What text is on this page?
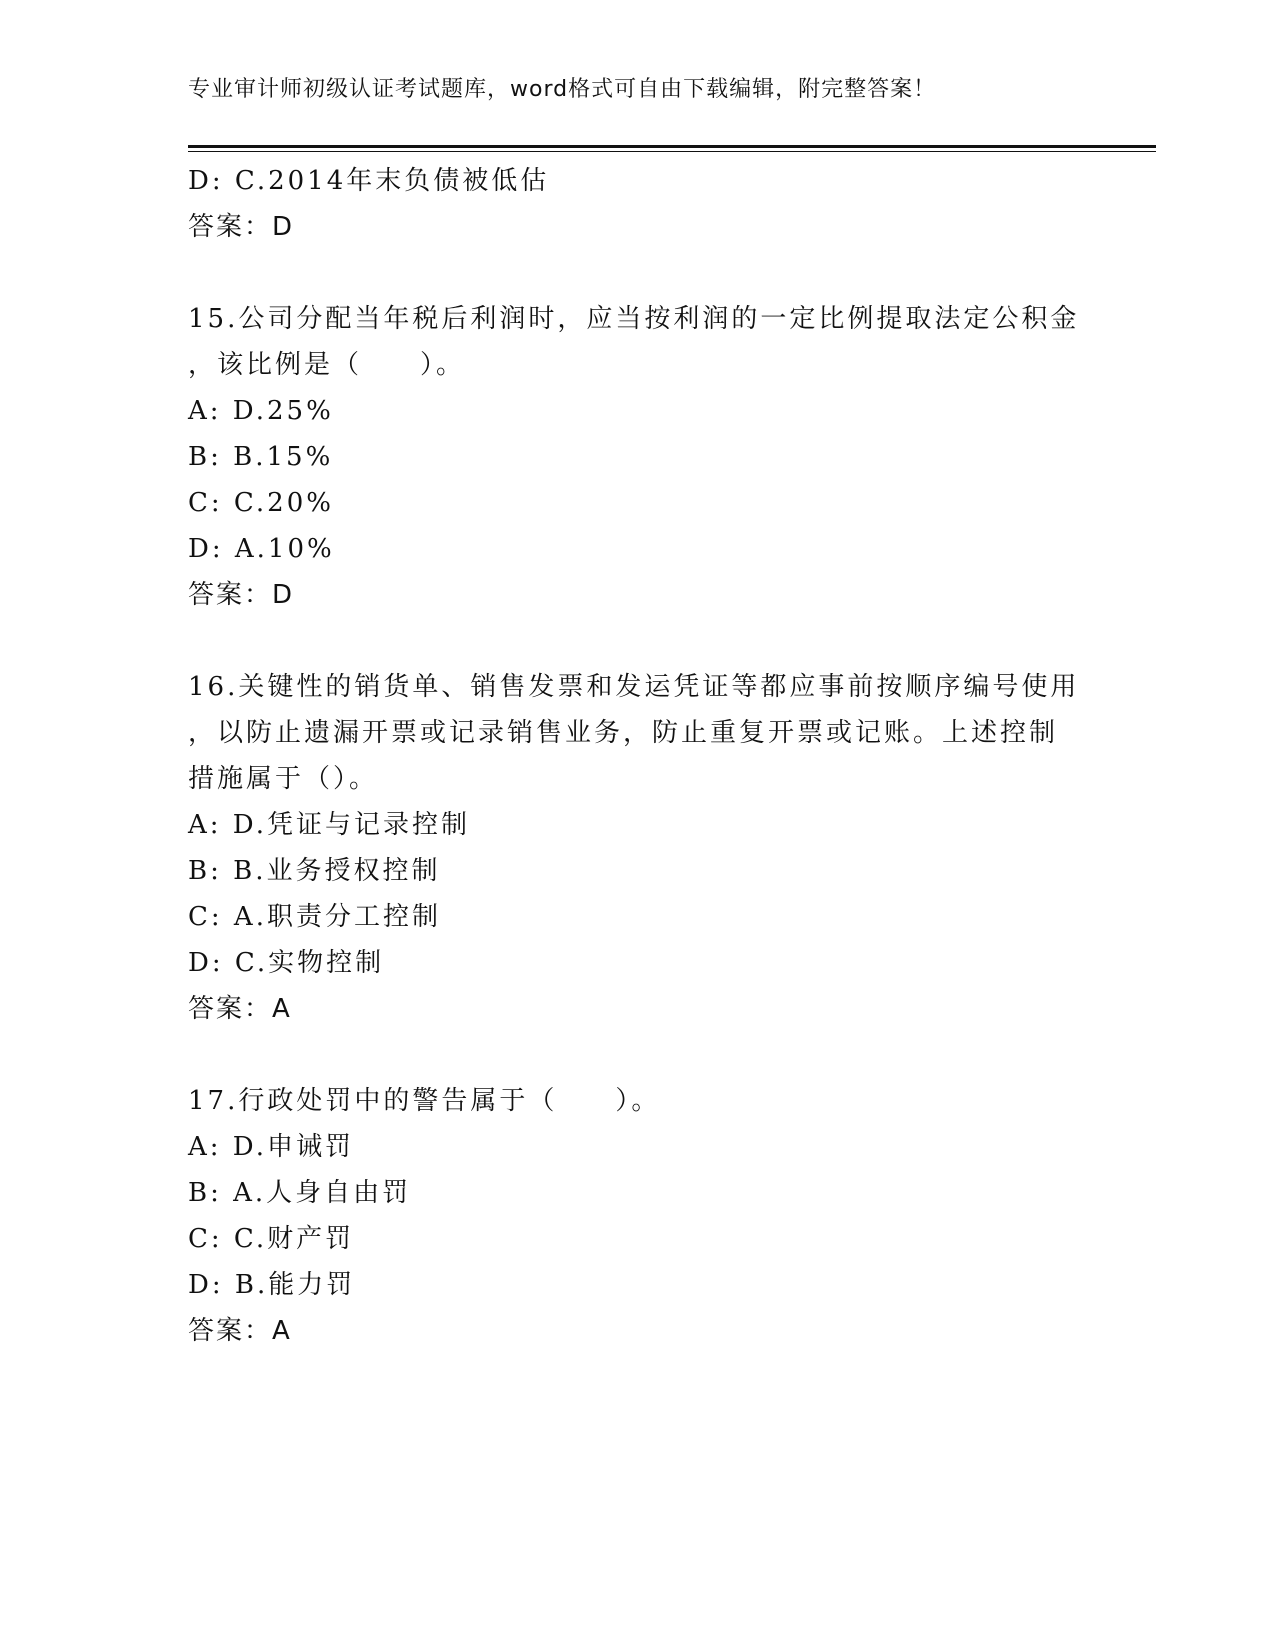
专业审计师初级认证考试题库，word格式可自由下载编辑，附完整答案！
D: C.2014年末负债被低估
答案：D
15.公司分配当年税后利润时，应当按利润的一定比例提取法定公积金
，该比例是（　　）。
A: D.25%
B: B.15%
C: C.20%
D: A.10%
答案：D
16.关键性的销货单、销售发票和发运凭证等都应事前按顺序编号使用
，以防止遗漏开票或记录销售业务，防止重复开票或记账。上述控制
措施属于（）。
A: D.凭证与记录控制
B: B.业务授权控制
C: A.职责分工控制
D: C.实物控制
答案：A
17.行政处罚中的警告属于（　　）。
A: D.申诫罚
B: A.人身自由罚
C: C.财产罚
D: B.能力罚
答案：A
